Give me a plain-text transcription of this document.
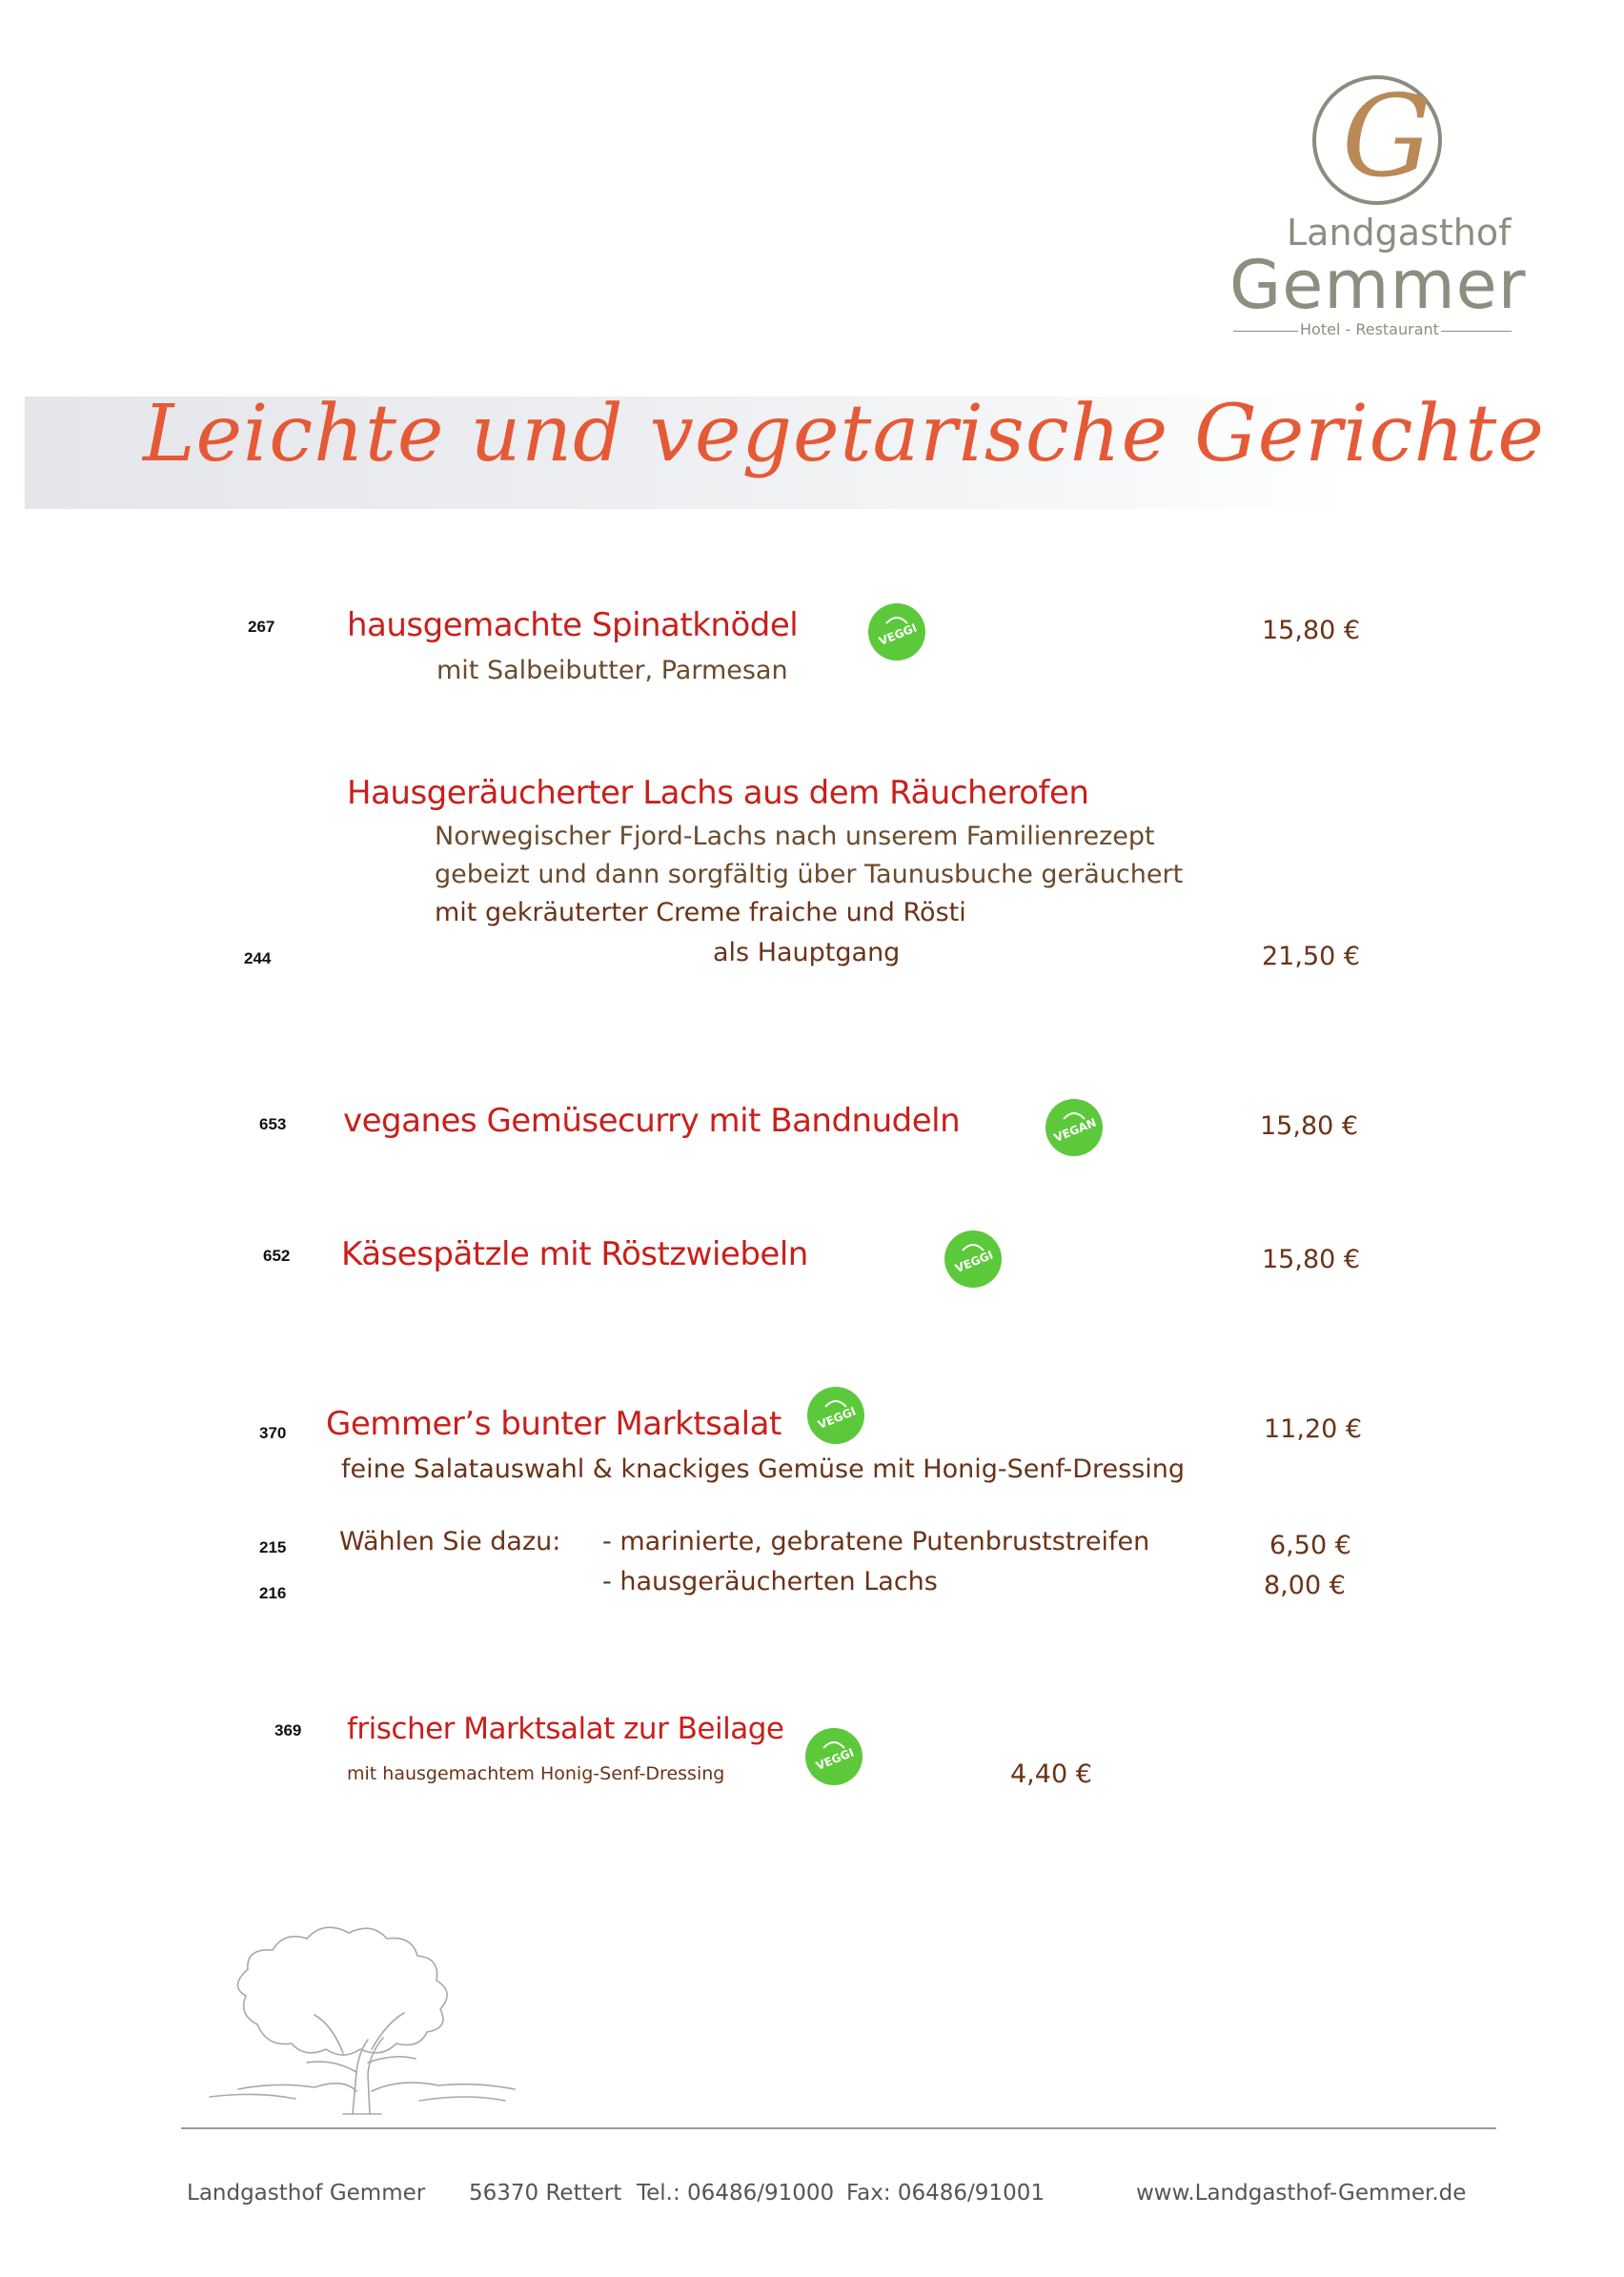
G
Landgasthof
Gemmer
Hotel - Restaurant
Leichte und vegetarische Gerichte
267 hausgemachte Spinatknödel	VEGGI
mit Salbeibutter, Parmesan
15,80 €
Hausgeräucherter Lachs aus dem Räucherofen
Norwegischer Fjord-Lachs nach unserem Familienrezept
gebeizt und dann sorgfältig über Taunusbuche geräuchert
mit gekräuterter Creme fraiche und Rösti
244	als Hauptgang	21,50 €
653 veganes Gemüsecurry mit Bandnudeln	VEGAN	15,80 €
652 Käsespätzle mit Röstzwiebeln	VEGGI	15,80 €
370 Gemmer’s bunter Marktsalat	VEGGI	11,20 €
feine Salatauswahl & knackiges Gemüse mit Honig-Senf-Dressing
215 Wählen Sie dazu: - marinierte, gebratene Putenbruststreifen	6,50 €
216	- hausgeräucherten Lachs	8,00 €
369 frischer Marktsalat zur Beilage
VEGGI
mit hausgemachtem Honig-Senf-Dressing	4,40 €
Landgasthof Gemmer 56370 Rettert Tel.: 06486/91000 Fax: 06486/91001	www.Landgasthof-Gemmer.de
